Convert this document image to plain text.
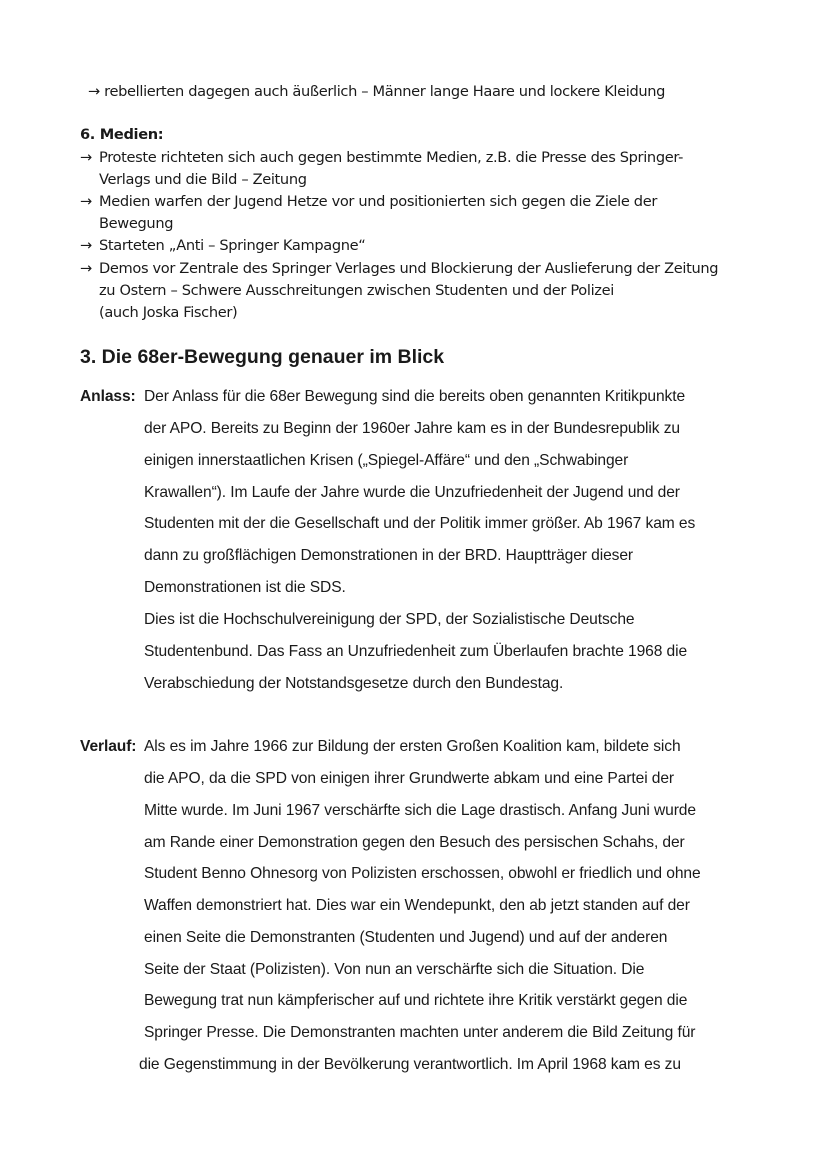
→ rebellierten dagegen auch äußerlich – Männer lange Haare und lockere Kleidung
6. Medien:
→ Proteste richteten sich auch gegen bestimmte Medien, z.B. die Presse des Springer-
Verlags und die Bild – Zeitung
→ Medien warfen der Jugend Hetze vor und positionierten sich gegen die Ziele der
Bewegung
→ Starteten „Anti – Springer Kampagne“
→ Demos vor Zentrale des Springer Verlages und Blockierung der Auslieferung der Zeitung
zu Ostern – Schwere Ausschreitungen zwischen Studenten und der Polizei
(auch Joska Fischer)
3. Die 68er-Bewegung genauer im Blick
Anlass: Der Anlass für die 68er Bewegung sind die bereits oben genannten Kritikpunkte
der APO. Bereits zu Beginn der 1960er Jahre kam es in der Bundesrepublik zu
einigen innerstaatlichen Krisen („Spiegel-Affäre“ und den „Schwabinger
Krawallen“). Im Laufe der Jahre wurde die Unzufriedenheit der Jugend und der
Studenten mit der die Gesellschaft und der Politik immer größer. Ab 1967 kam es
dann zu großflächigen Demonstrationen in der BRD. Hauptträger dieser
Demonstrationen ist die SDS.
Dies ist die Hochschulvereinigung der SPD, der Sozialistische Deutsche
Studentenbund. Das Fass an Unzufriedenheit zum Überlaufen brachte 1968 die
Verabschiedung der Notstandsgesetze durch den Bundestag.
Verlauf: Als es im Jahre 1966 zur Bildung der ersten Großen Koalition kam, bildete sich
die APO, da die SPD von einigen ihrer Grundwerte abkam und eine Partei der
Mitte wurde. Im Juni 1967 verschärfte sich die Lage drastisch. Anfang Juni wurde
am Rande einer Demonstration gegen den Besuch des persischen Schahs, der
Student Benno Ohnesorg von Polizisten erschossen, obwohl er friedlich und ohne
Waffen demonstriert hat. Dies war ein Wendepunkt, den ab jetzt standen auf der
einen Seite die Demonstranten (Studenten und Jugend) und auf der anderen
Seite der Staat (Polizisten). Von nun an verschärfte sich die Situation. Die
Bewegung trat nun kämpferischer auf und richtete ihre Kritik verstärkt gegen die
Springer Presse. Die Demonstranten machten unter anderem die Bild Zeitung für
die Gegenstimmung in der Bevölkerung verantwortlich. Im April 1968 kam es zu
